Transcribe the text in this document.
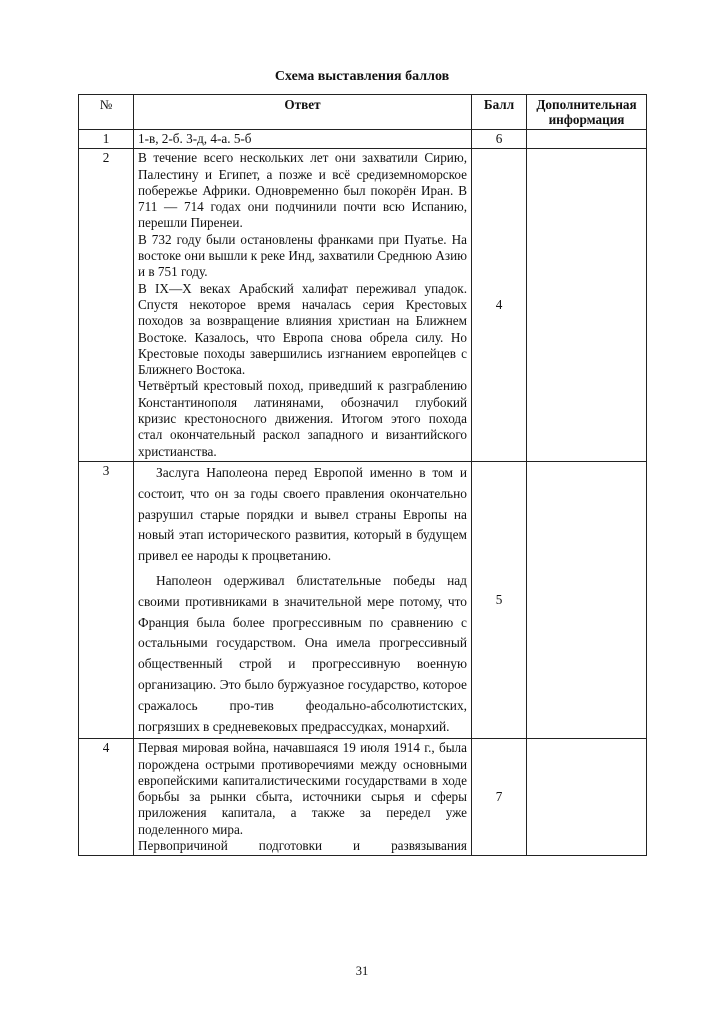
Схема выставления баллов
№	Ответ	Балл	Дополнительная информация
1	1-в, 2-б. 3-д, 4-а. 5-б	6	
2	В течение всего нескольких лет они захватили Сирию, Палестину и Египет, а позже и всё средиземноморское побережье Африки. Одновременно был покорён Иран. В 711 — 714 годах они подчинили почти всю Испанию, перешли Пиренеи.

В 732 году были остановлены франками при Пуатье. На востоке они вышли к реке Инд, захватили Среднюю Азию и в 751 году.

В IX—X веках Арабский халифат переживал упадок. Спустя некоторое время началась серия Крестовых походов за возвращение влияния христиан на Ближнем Востоке. Казалось, что Европа снова обрела силу. Но Крестовые походы завершились изгнанием европейцев с Ближнего Востока.

Четвёртый крестовый поход, приведший к разграблению Константинополя латинянами, обозначил глубокий кризис крестоносного движения. Итогом этого похода стал окончательный раскол западного и византийского христианства.	4	
3	Заслуга Наполеона перед Европой именно в том и состоит, что он за годы своего правления окончательно разрушил старые порядки и вывел страны Европы на новый этап исторического развития, который в будущем привел ее народы к процветанию.

Наполеон одерживал блистательные победы над своими противниками в значительной мере потому, что Франция была более прогрессивным по сравнению с остальными государством. Она имела прогрессивный общественный строй и прогрессивную военную организацию. Это было буржуазное государство, которое сражалось про-тив феодально-абсолютистских, погрязших в средневековых предрассудках, монархий.	5	
4	Первая мировая война, начавшаяся 19 июля 1914 г., была порождена острыми противоречиями между основными европейскими капиталистическими государствами в ходе борьбы за рынки сбыта, источники сырья и сферы приложения капитала, а также за передел уже поделенного мира.

Первопричиной подготовки и развязывания	7	
31
